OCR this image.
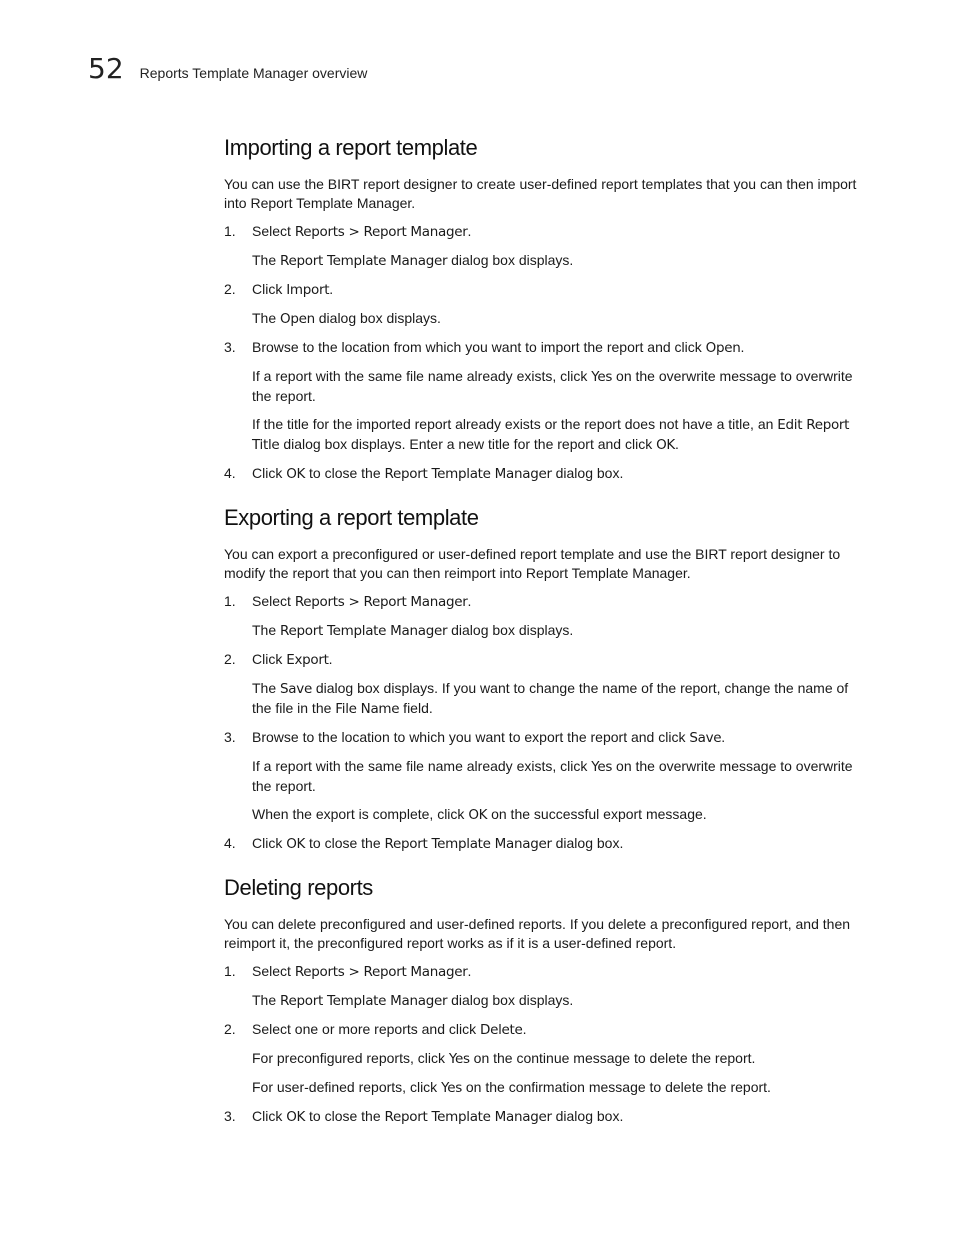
52 Reports Template Manager overview
Importing a report template

You can use the BIRT report designer to create user-defined report templates that you can then import into Report Template Manager.

1.	Select Reports > Report Manager.

The Report Template Manager dialog box displays.

2.	Click Import.

The Open dialog box displays.

3.	Browse to the location from which you want to import the report and click Open.

If a report with the same file name already exists, click Yes on the overwrite message to overwrite the report.

If the title for the imported report already exists or the report does not have a title, an Edit Report Title dialog box displays. Enter a new title for the report and click OK.

4.	Click OK to close the Report Template Manager dialog box.
Exporting a report template

You can export a preconfigured or user-defined report template and use the BIRT report designer to modify the report that you can then reimport into Report Template Manager.

1.	Select Reports > Report Manager.

The Report Template Manager dialog box displays.

2.	Click Export.

The Save dialog box displays. If you want to change the name of the report, change the name of the file in the File Name field.

3.	Browse to the location to which you want to export the report and click Save.

If a report with the same file name already exists, click Yes on the overwrite message to overwrite the report.

When the export is complete, click OK on the successful export message.

4.	Click OK to close the Report Template Manager dialog box.
Deleting reports

You can delete preconfigured and user-defined reports. If you delete a preconfigured report, and then reimport it, the preconfigured report works as if it is a user-defined report.

1.	Select Reports > Report Manager.

The Report Template Manager dialog box displays.

2.	Select one or more reports and click Delete.

For preconfigured reports, click Yes on the continue message to delete the report.

For user-defined reports, click Yes on the confirmation message to delete the report.

3.	Click OK to close the Report Template Manager dialog box.
